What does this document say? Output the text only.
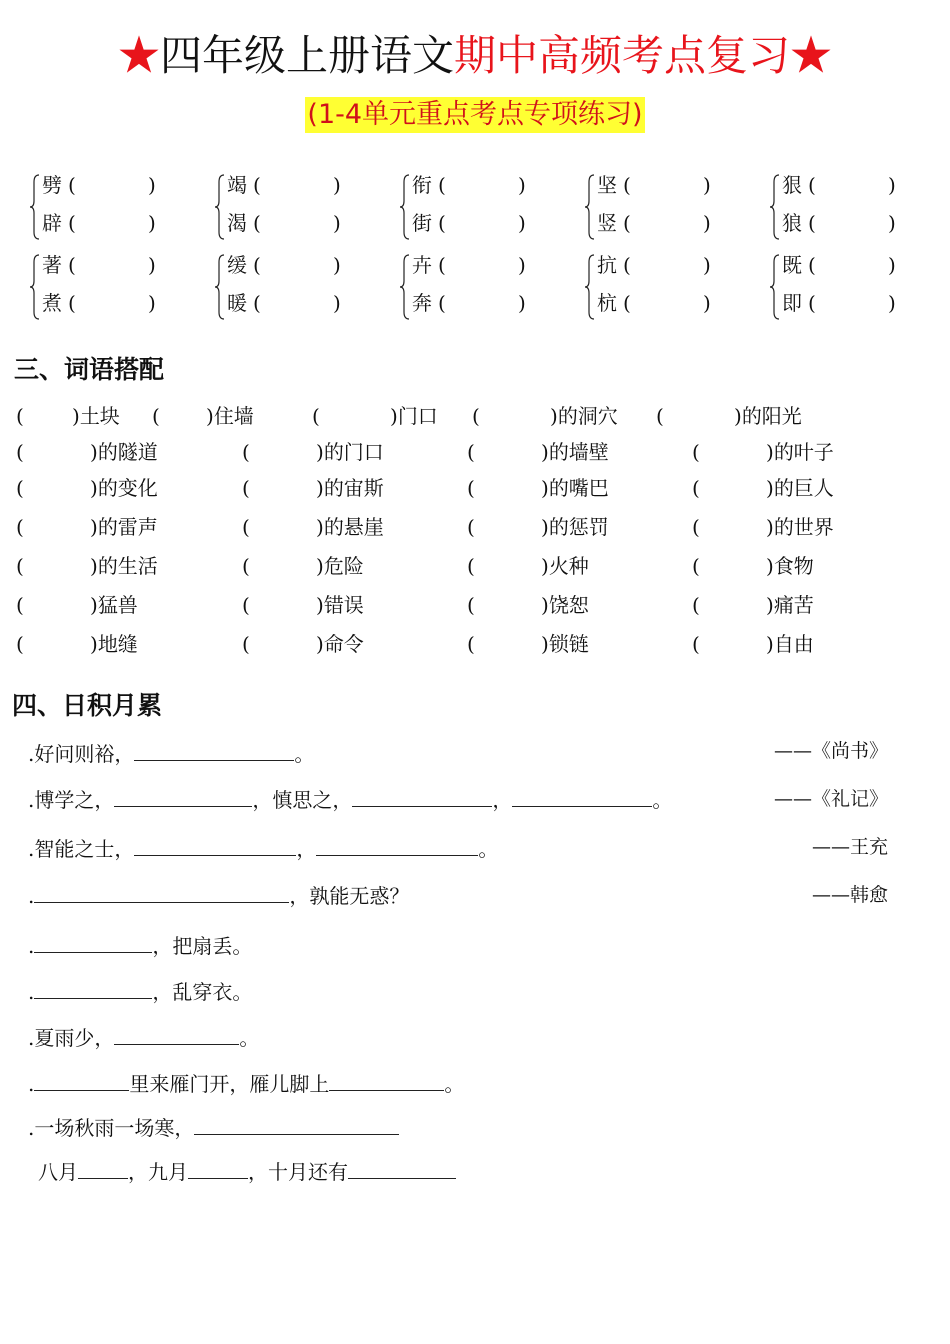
★四年级上册语文期中高频考点复习★
(1-4单元重点考点专项练习)
劈 (	)
辟 (	)
竭 (	)
渴 (	)
衔 (	)
街 (	)
坚 (	)
竖 (	)
狠 (	)
狼 (	)
著 (	)
煮 (	)
缓 (	)
暖 (	)
卉 (	)
奔 (	)
抗 (	)
杭 (	)
既 (	)
即 (	)
三、词语搭配
( )土块 ( )住墙	(	)门口 (	)的洞穴 (	)的阳光
(	)的隧道	(	)的门口	(	)的墙壁	(	)的叶子
(	)的变化	(	)的宙斯	(	)的嘴巴	(	)的巨人
(	)的雷声	(	)的悬崖	(	)的惩罚	(	)的世界
(	)的生活	(	)危险	(	)火种	(	)食物
(	)猛兽	(	)错误	(	)饶恕	(	)痛苦
(	)地缝	(	)命令	(	)锁链	(	)自由
四、日积月累
.好问则裕，	。	——《尚书》
.博学之，	，慎思之，	，	。	——《礼记》
.智能之士，	，	。	——王充
.	，孰能无惑？	——韩愈
.	，把扇丢。
.	，乱穿衣。
.夏雨少，	。
.	里来雁门开，雁儿脚上	。
.一场秋雨一场寒，
八月	，九月	，十月还有
